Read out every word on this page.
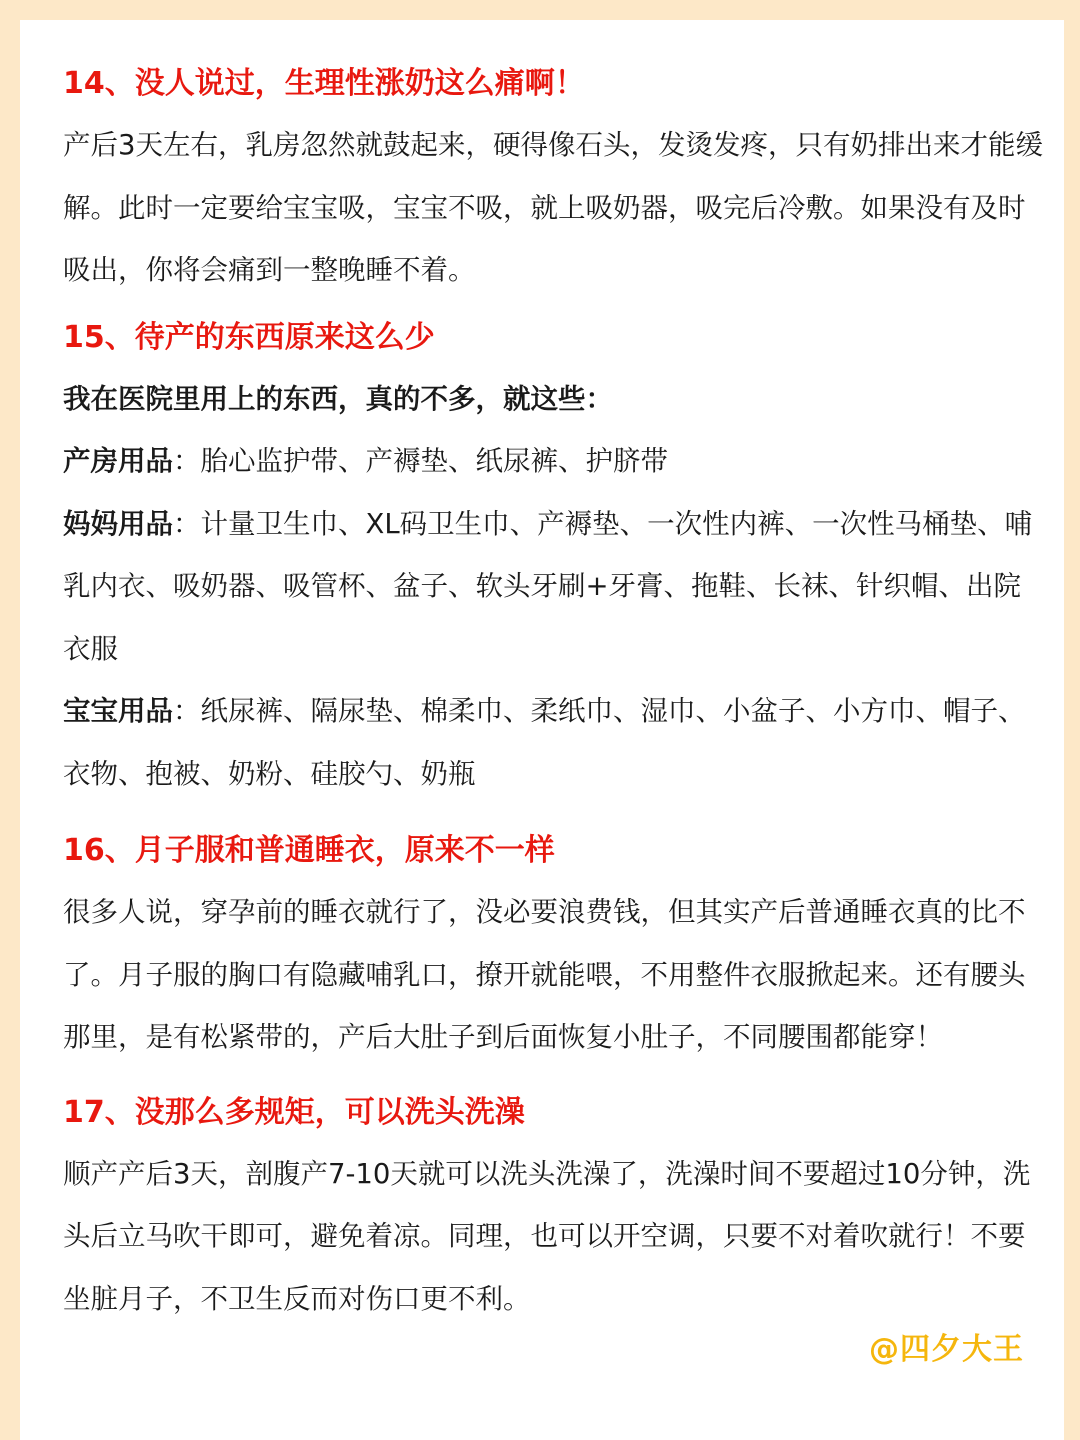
14、没人说过，生理性涨奶这么痛啊！

产后3天左右，乳房忽然就鼓起来，硬得像石头，发烫发疼，只有奶排出来才能缓解。此时一定要给宝宝吸，宝宝不吸，就上吸奶器，吸完后冷敷。如果没有及时吸出，你将会痛到一整晚睡不着。

15、待产的东西原来这么少

我在医院里用上的东西，真的不多，就这些：

产房用品：胎心监护带、产褥垫、纸尿裤、护脐带

妈妈用品：计量卫生巾、XL码卫生巾、产褥垫、一次性内裤、一次性马桶垫、哺乳内衣、吸奶器、吸管杯、盆子、软头牙刷+牙膏、拖鞋、长袜、针织帽、出院衣服

宝宝用品：纸尿裤、隔尿垫、棉柔巾、柔纸巾、湿巾、小盆子、小方巾、帽子、衣物、抱被、奶粉、硅胶勺、奶瓶

16、月子服和普通睡衣，原来不一样

很多人说，穿孕前的睡衣就行了，没必要浪费钱，但其实产后普通睡衣真的比不了。月子服的胸口有隐藏哺乳口，撩开就能喂，不用整件衣服掀起来。还有腰头那里，是有松紧带的，产后大肚子到后面恢复小肚子，不同腰围都能穿！

17、没那么多规矩，可以洗头洗澡

顺产产后3天，剖腹产7-10天就可以洗头洗澡了，洗澡时间不要超过10分钟，洗头后立马吹干即可，避免着凉。同理，也可以开空调，只要不对着吹就行！不要坐脏月子，不卫生反而对伤口更不利。

@四夕大王
